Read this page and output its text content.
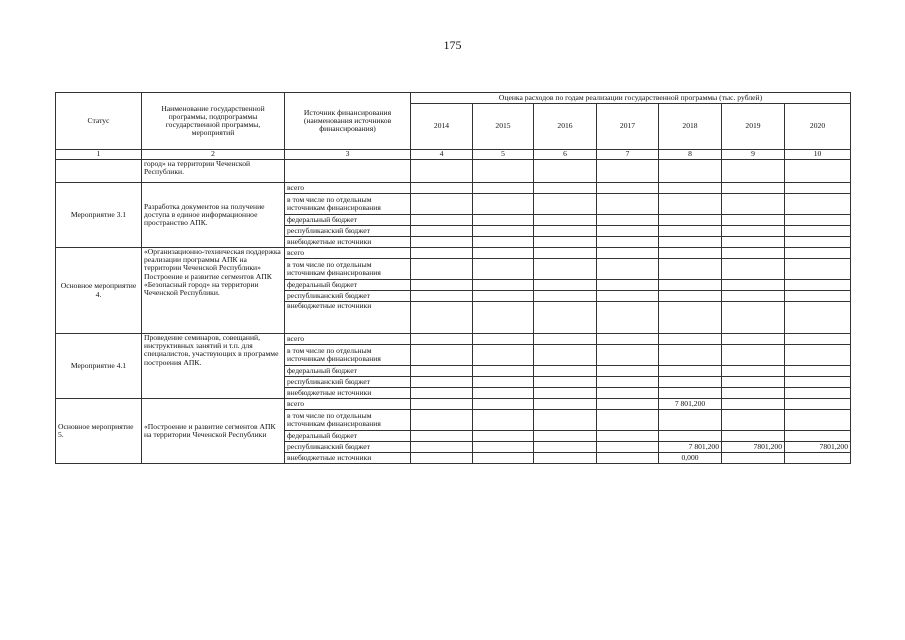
175
Статус	Наименование государственной программы, подпрограммы государственной программы, мероприятий	Источник финансирования (наименования источников финансирования)	Оценка расходов по годам реализации государственной программы (тыс. рублей)						
			2014	2015	2016	2017	2018	2019	2020
1	2	3	4	5	6	7	8	9	10
	город» на территории Чеченской Республики.								
Мероприятие 3.1	Разработка документов на получение доступа в единое информационное пространство АПК.	всего							
		в том числе по отдельным источникам финансирования							
		федеральный бюджет							
		республиканский бюджет							
		внебюджетные источники							
Основное мероприятие 4.	«Организационно-техническая поддержка реализации программы АПК на территории Чеченской Республики» Построение и развитие сегментов АПК «Безопасный город» на территории Чеченской Республики.	всего							
		в том числе по отдельным источникам финансирования							
		федеральный бюджет							
		республиканский бюджет							
		внебюджетные источники							
Мероприятие 4.1	Проведение семинаров, совещаний, инструктивных занятий и т.п. для специалистов, участвующих в программе построения АПК.	всего							
		в том числе по отдельным источникам финансирования							
		федеральный бюджет							
		республиканский бюджет							
		внебюджетные источники							
Основное мероприятие 5.	«Построение и развитие сегментов АПК на территории Чеченской Республики	всего					7 801,200		
		в том числе по отдельным источникам финансирования							
		федеральный бюджет							
		республиканский бюджет					7 801,200	7801,200	7801,200
		внебюджетные источники					0,000		
